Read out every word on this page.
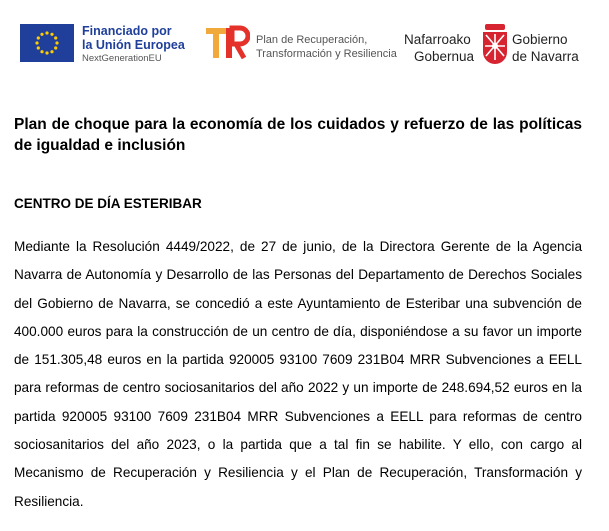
Financiado por
la Unión Europea
NextGenerationEU
Plan de Recuperación,
Transformación y Resiliencia
Nafarroako
Gobernua
Gobierno
de Navarra
Plan de choque para la economía de los cuidados y refuerzo de las políticas de igualdad e inclusión
CENTRO DE DÍA ESTERIBAR

Mediante la Resolución 4449/2022, de 27 de junio, de la Directora Gerente de la Agencia Navarra de Autonomía y Desarrollo de las Personas del Departamento de Derechos Sociales del Gobierno de Navarra, se concedió a este Ayuntamiento de Esteribar una subvención de 400.000 euros para la construcción de un centro de día, disponiéndose a su favor un importe de 151.305,48 euros en la partida 920005 93100 7609 231B04 MRR Subvenciones a EELL para reformas de centro sociosanitarios del año 2022 y un importe de 248.694,52 euros en la partida 920005 93100 7609 231B04 MRR Subvenciones a EELL para reformas de centro sociosanitarios del año 2023, o la partida que a tal fin se habilite. Y ello, con cargo al Mecanismo de Recuperación y Resiliencia y el Plan de Recuperación, Transformación y Resiliencia.
